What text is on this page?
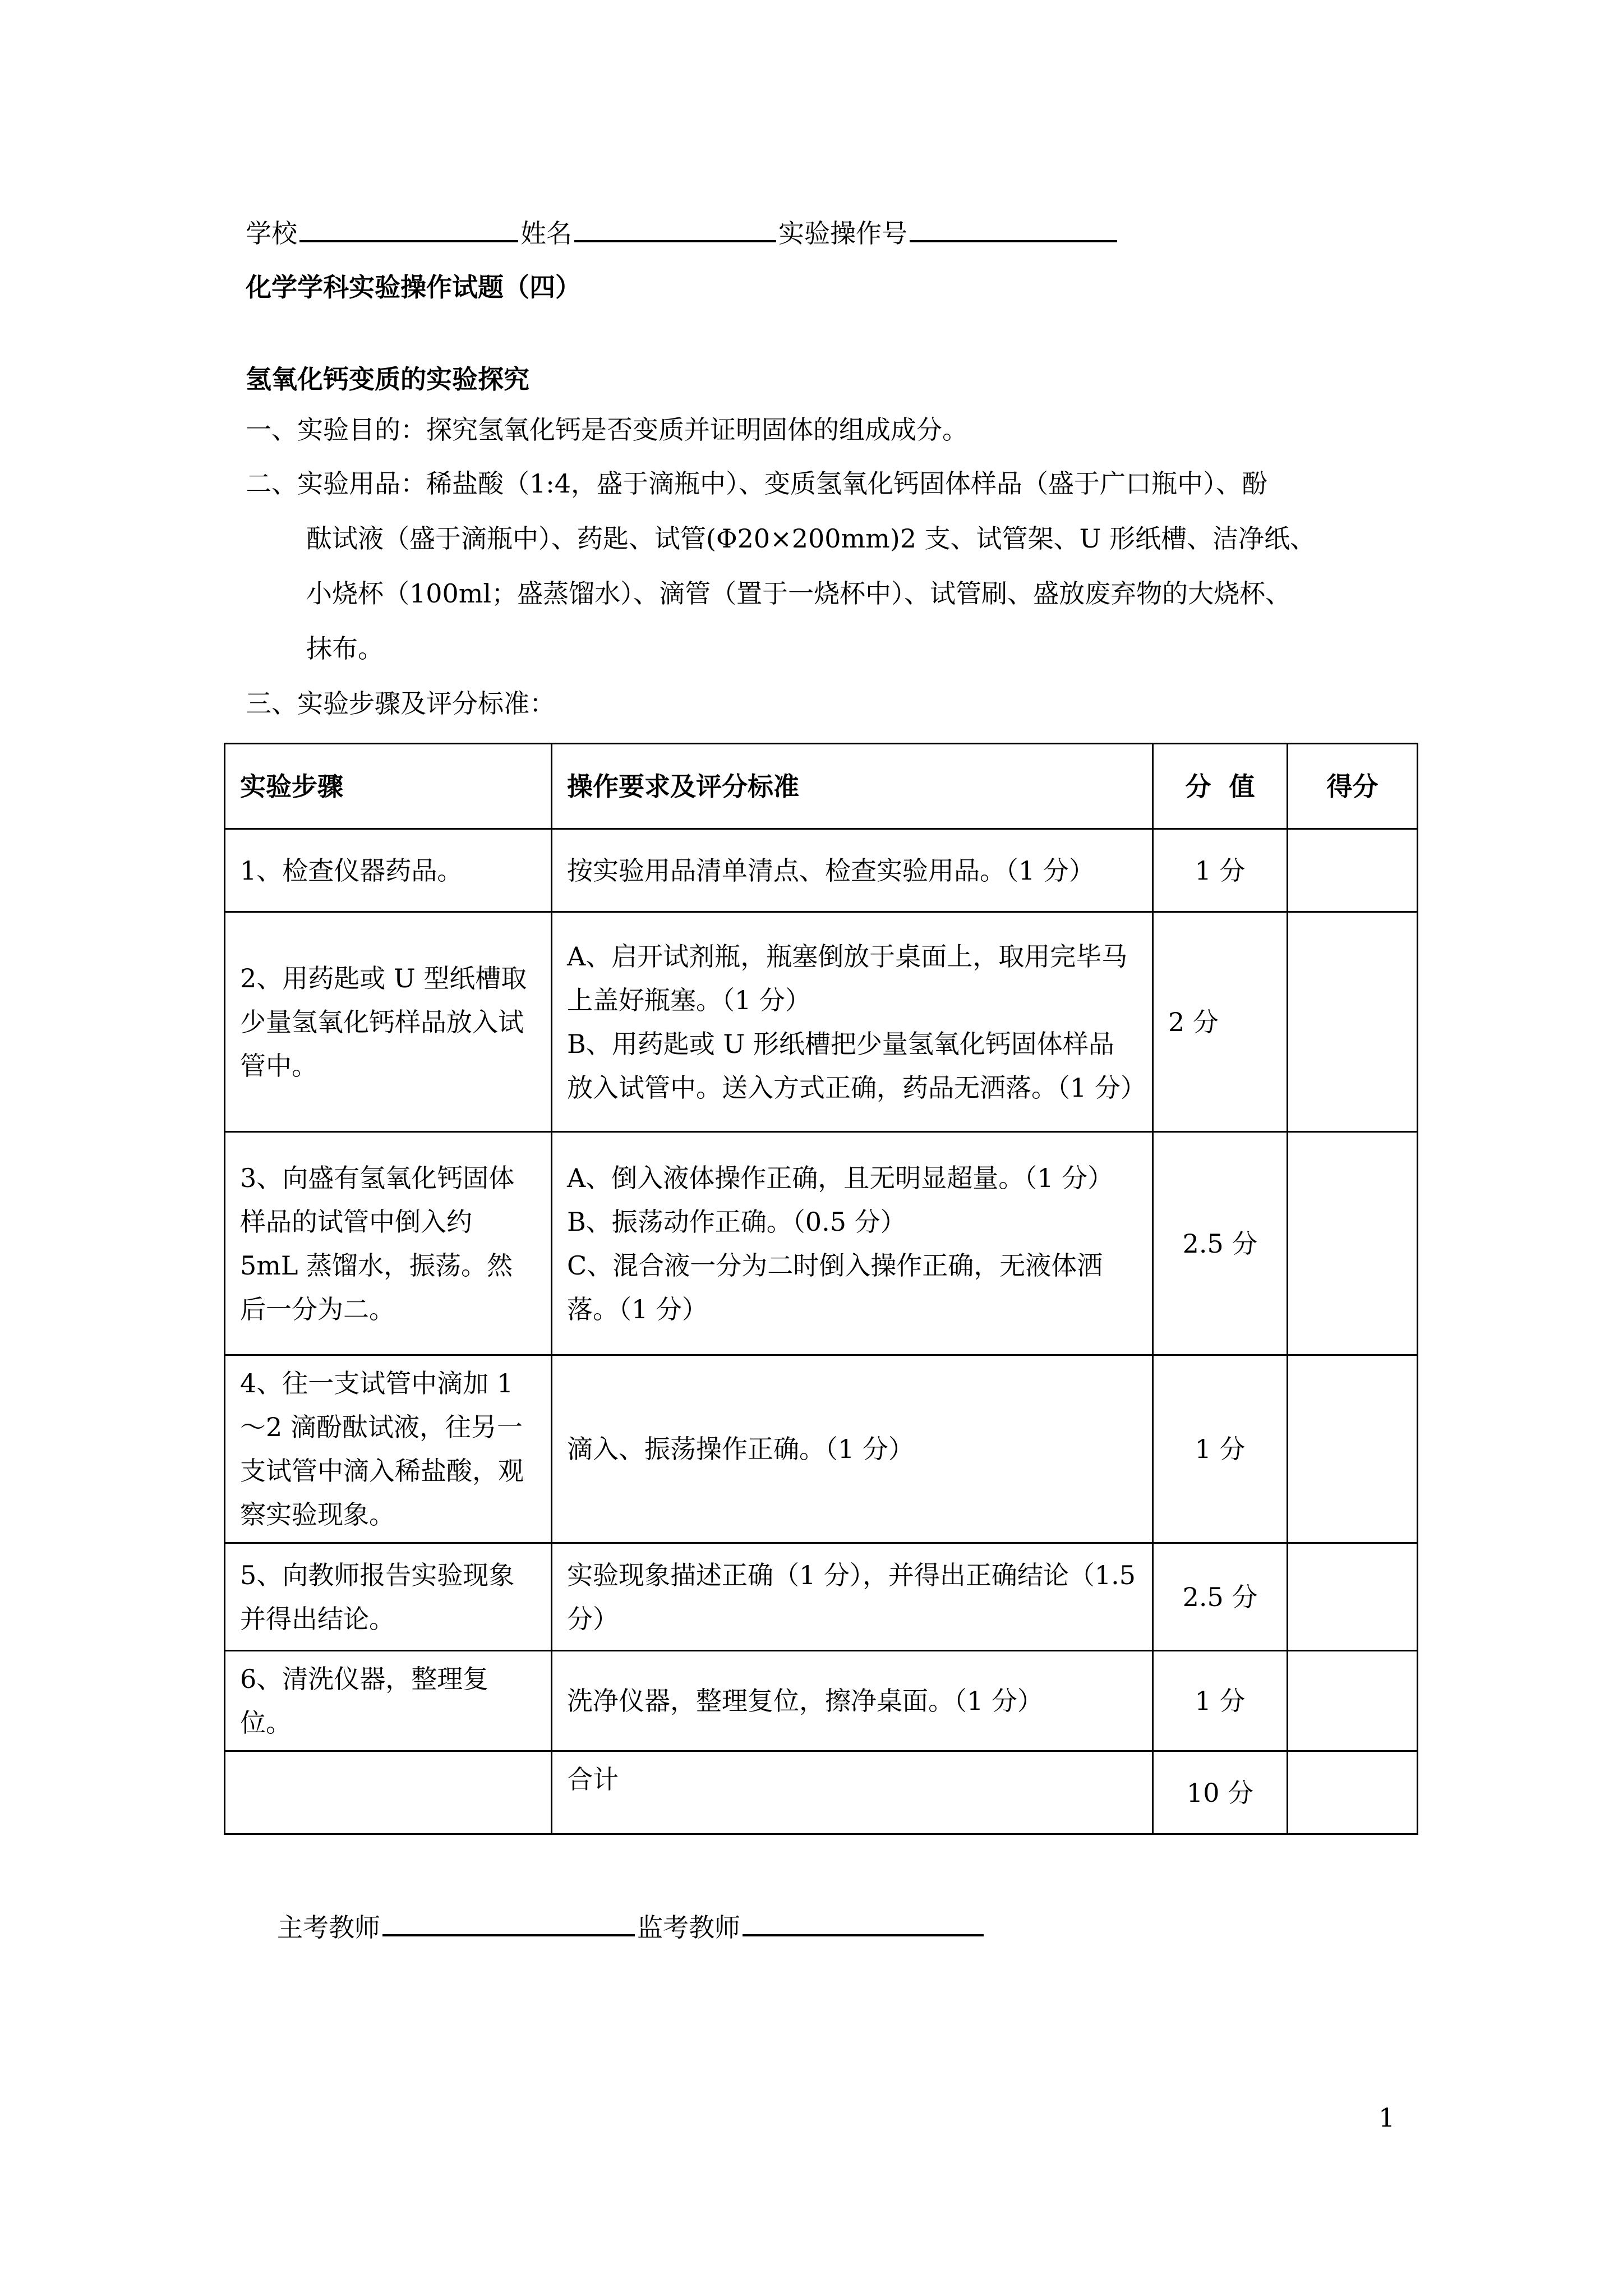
学校	姓名	实验操作号
化学学科实验操作试题（四）
氢氧化钙变质的实验探究
一、实验目的：探究氢氧化钙是否变质并证明固体的组成成分。
二、实验用品：稀盐酸（1:4，盛于滴瓶中）、变质氢氧化钙固体样品（盛于广口瓶中）、酚
酞试液（盛于滴瓶中）、药匙、试管(Φ20×200mm)2 支、试管架、U 形纸槽、洁净纸、
小烧杯（100ml；盛蒸馏水）、滴管（置于一烧杯中）、试管刷、盛放废弃物的大烧杯、
抹布。
三、实验步骤及评分标准：
实验步骤	操作要求及评分标准	分  值	得分
1、检查仪器药品。	按实验用品清单清点、检查实验用品。（1 分）	1 分	
2、用药匙或 U 型纸槽取少量氢氧化钙样品放入试管中。	A、启开试剂瓶，瓶塞倒放于桌面上，取用完毕马上盖好瓶塞。（1 分）
B、用药匙或 U 形纸槽把少量氢氧化钙固体样品放入试管中。送入方式正确，药品无洒落。（1 分）	2 分	
3、向盛有氢氧化钙固体样品的试管中倒入约 5mL 蒸馏水，振荡。然后一分为二。	A、倒入液体操作正确，且无明显超量。（1 分）
B、振荡动作正确。（0.5 分）
C、混合液一分为二时倒入操作正确，无液体洒落。（1 分）	2.5 分	
4、往一支试管中滴加 1～2 滴酚酞试液，往另一支试管中滴入稀盐酸，观察实验现象。	滴入、振荡操作正确。（1 分）	1 分	
5、向教师报告实验现象并得出结论。	实验现象描述正确（1 分），并得出正确结论（1.5 分）	2.5 分	
6、清洗仪器，整理复位。	洗净仪器，整理复位，擦净桌面。（1 分）	1 分	
	合计	10 分	
主考教师	监考教师
1
